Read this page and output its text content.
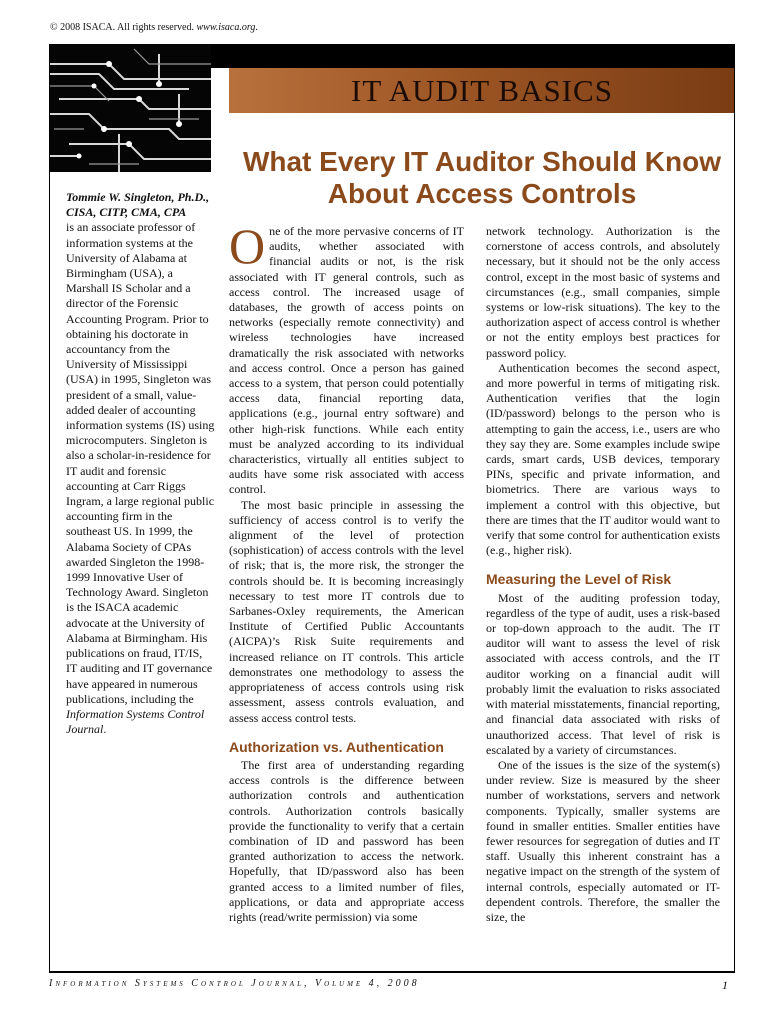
© 2008 ISACA. All rights reserved. www.isaca.org.
IT AUDIT BASICS
What Every IT Auditor Should Know
About Access Controls
Tommie W. Singleton, Ph.D., CISA, CITP, CMA, CPA
is an associate professor of information systems at the University of Alabama at Birmingham (USA), a Marshall IS Scholar and a director of the Forensic Accounting Program. Prior to obtaining his doctorate in accountancy from the University of Mississippi (USA) in 1995, Singleton was president of a small, value-added dealer of accounting information systems (IS) using microcomputers. Singleton is also a scholar-in-residence for IT audit and forensic accounting at Carr Riggs Ingram, a large regional public accounting firm in the southeast US. In 1999, the Alabama Society of CPAs awarded Singleton the 1998-1999 Innovative User of Technology Award. Singleton is the ISACA academic advocate at the University of Alabama at Birmingham. His publications on fraud, IT/IS, IT auditing and IT governance have appeared in numerous publications, including the Information Systems Control Journal.

One of the more pervasive concerns of IT audits, whether associated with financial audits or not, is the risk associated with IT general controls, such as access control. The increased usage of databases, the growth of access points on networks (especially remote connectivity) and wireless technologies have increased dramatically the risk associated with networks and access control. Once a person has gained access to a system, that person could potentially access data, financial reporting data, applications (e.g., journal entry software) and other high-risk functions. While each entity must be analyzed according to its individual characteristics, virtually all entities subject to audits have some risk associated with access control.

The most basic principle in assessing the sufficiency of access control is to verify the alignment of the level of protection (sophistication) of access controls with the level of risk; that is, the more risk, the stronger the controls should be. It is becoming increasingly necessary to test more IT controls due to Sarbanes-Oxley requirements, the American Institute of Certified Public Accountants (AICPA)’s Risk Suite requirements and increased reliance on IT controls. This article demonstrates one methodology to assess the appropriateness of access controls using risk assessment, assess controls evaluation, and assess access control tests.

Authorization vs. Authentication

The first area of understanding regarding access controls is the difference between authorization controls and authentication controls. Authorization controls basically provide the functionality to verify that a certain combination of ID and password has been granted authorization to access the network. Hopefully, that ID/password also has been granted access to a limited number of files, applications, or data and appropriate access rights (read/write permission) via some

network technology. Authorization is the cornerstone of access controls, and absolutely necessary, but it should not be the only access control, except in the most basic of systems and circumstances (e.g., small companies, simple systems or low-risk situations). The key to the authorization aspect of access control is whether or not the entity employs best practices for password policy.

Authentication becomes the second aspect, and more powerful in terms of mitigating risk. Authentication verifies that the login (ID/password) belongs to the person who is attempting to gain the access, i.e., users are who they say they are. Some examples include swipe cards, smart cards, USB devices, temporary PINs, specific and private information, and biometrics. There are various ways to implement a control with this objective, but there are times that the IT auditor would want to verify that some control for authentication exists (e.g., higher risk).

Measuring the Level of Risk

Most of the auditing profession today, regardless of the type of audit, uses a risk-based or top-down approach to the audit. The IT auditor will want to assess the level of risk associated with access controls, and the IT auditor working on a financial audit will probably limit the evaluation to risks associated with material misstatements, financial reporting, and financial data associated with risks of unauthorized access. That level of risk is escalated by a variety of circumstances.

One of the issues is the size of the system(s) under review. Size is measured by the sheer number of workstations, servers and network components. Typically, smaller systems are found in smaller entities. Smaller entities have fewer resources for segregation of duties and IT staff. Usually this inherent constraint has a negative impact on the strength of the system of internal controls, especially automated or IT-dependent controls. Therefore, the smaller the size, the

Information Systems Control Journal, Volume 4, 2008	1
